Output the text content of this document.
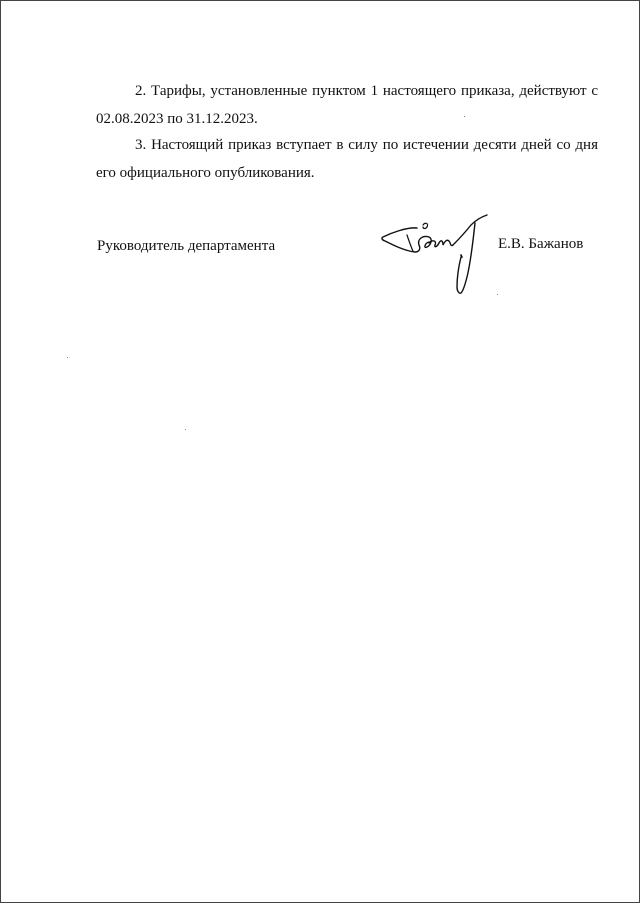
2. Тарифы, установленные пунктом 1 настоящего приказа, действуют с
02.08.2023 по 31.12.2023.

3. Настоящий приказ вступает в силу по истечении десяти дней со дня
его официального опубликования.

Руководитель департамента	Е.В. Бажанов
